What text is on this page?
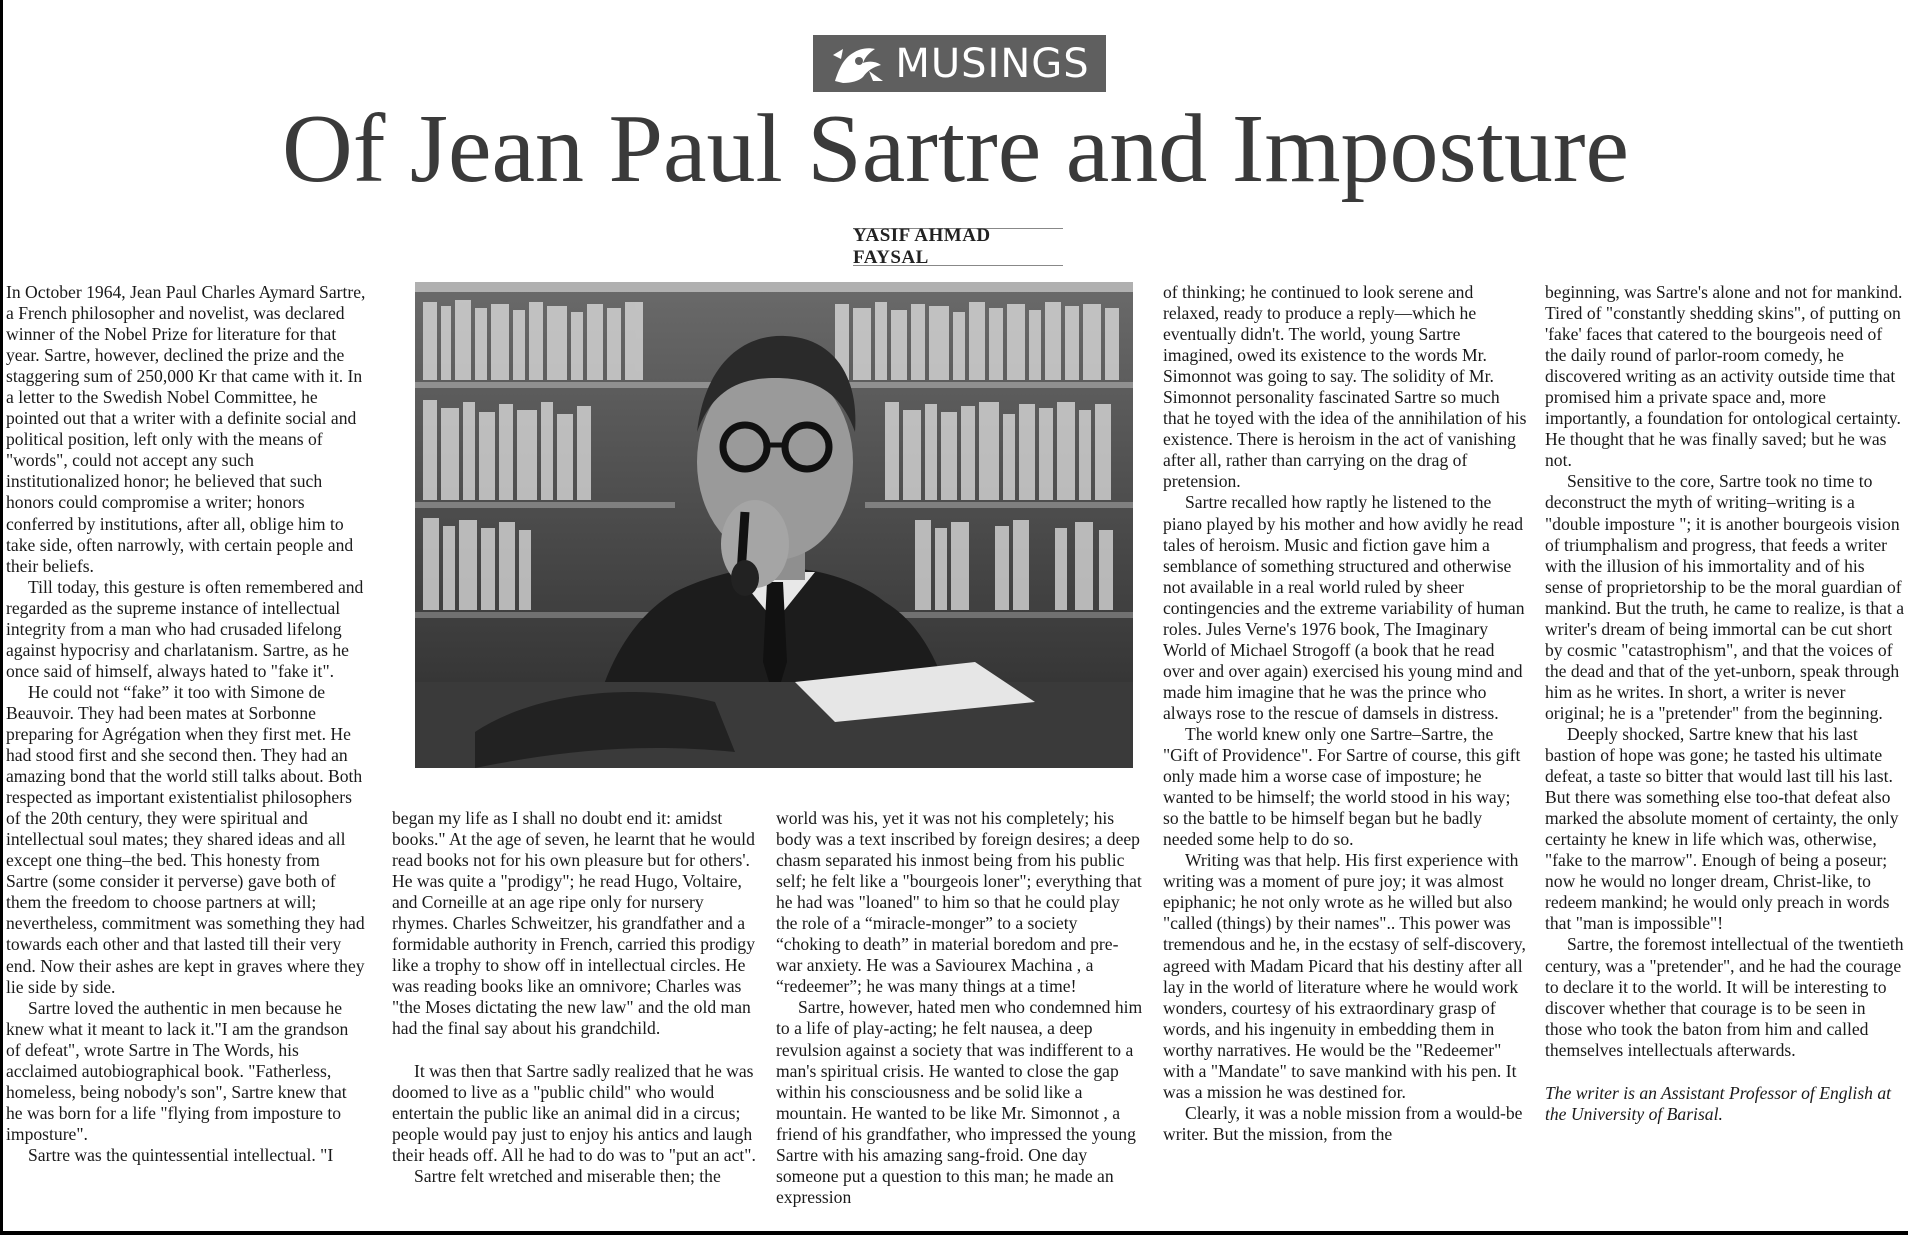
MUSINGS
Of Jean Paul Sartre and Imposture
YASIF AHMAD FAYSAL

In October 1964, Jean Paul Charles Aymard Sartre, a French philosopher and novelist, was declared winner of the Nobel Prize for literature for that year. Sartre, however, declined the prize and the staggering sum of 250,000 Kr that came with it. In a letter to the Swedish Nobel Committee, he pointed out that a writer with a definite social and political position, left only with the means of "words", could not accept any such institutionalized honor; he believed that such honors could compromise a writer; honors conferred by institutions, after all, oblige him to take side, often narrowly, with certain people and their beliefs.

Till today, this gesture is often remembered and regarded as the supreme instance of intellectual integrity from a man who had crusaded lifelong against hypocrisy and charlatanism. Sartre, as he once said of himself, always hated to "fake it".

He could not “fake” it too with Simone de Beauvoir. They had been mates at Sorbonne preparing for Agrégation when they first met. He had stood first and she second then. They had an amazing bond that the world still talks about. Both respected as important existentialist philosophers of the 20th century, they were spiritual and intellectual soul mates; they shared ideas and all except one thing–the bed. This honesty from Sartre (some consider it perverse) gave both of them the freedom to choose partners at will; nevertheless, commitment was something they had towards each other and that lasted till their very end. Now their ashes are kept in graves where they lie side by side.

Sartre loved the authentic in men because he knew what it meant to lack it."I am the grandson of defeat", wrote Sartre in The Words, his acclaimed autobiographical book. "Fatherless, homeless, being nobody's son", Sartre knew that he was born for a life "flying from imposture to imposture".

Sartre was the quintessential intellectual. "I

began my life as I shall no doubt end it: amidst books." At the age of seven, he learnt that he would read books not for his own pleasure but for others'. He was quite a "prodigy"; he read Hugo, Voltaire, and Corneille at an age ripe only for nursery rhymes. Charles Schweitzer, his grandfather and a formidable authority in French, carried this prodigy like a trophy to show off in intellectual circles. He was reading books like an omnivore; Charles was "the Moses dictating the new law" and the old man had the final say about his grandchild.

It was then that Sartre sadly realized that he was doomed to live as a "public child" who would entertain the public like an animal did in a circus; people would pay just to enjoy his antics and laugh their heads off. All he had to do was to "put an act".

Sartre felt wretched and miserable then; the

world was his, yet it was not his completely; his body was a text inscribed by foreign desires; a deep chasm separated his inmost being from his public self; he felt like a "bourgeois loner"; everything that he had was "loaned" to him so that he could play the role of a “miracle-monger” to a society “choking to death” in material boredom and pre-war anxiety. He was a Saviourex Machina , a “redeemer”; he was many things at a time!

Sartre, however, hated men who condemned him to a life of play-acting; he felt nausea, a deep revulsion against a society that was indifferent to a man's spiritual crisis. He wanted to close the gap within his consciousness and be solid like a mountain. He wanted to be like Mr. Simonnot , a friend of his grandfather, who impressed the young Sartre with his amazing sang-froid. One day someone put a question to this man; he made an expression

of thinking; he continued to look serene and relaxed, ready to produce a reply—which he eventually didn't. The world, young Sartre imagined, owed its existence to the words Mr. Simonnot was going to say. The solidity of Mr. Simonnot personality fascinated Sartre so much that he toyed with the idea of the annihilation of his existence. There is heroism in the act of vanishing after all, rather than carrying on the drag of pretension.

Sartre recalled how raptly he listened to the piano played by his mother and how avidly he read tales of heroism. Music and fiction gave him a semblance of something structured and otherwise not available in a real world ruled by sheer contingencies and the extreme variability of human roles. Jules Verne's 1976 book, The Imaginary World of Michael Strogoff (a book that he read over and over again) exercised his young mind and made him imagine that he was the prince who always rose to the rescue of damsels in distress.

The world knew only one Sartre–Sartre, the "Gift of Providence". For Sartre of course, this gift only made him a worse case of imposture; he wanted to be himself; the world stood in his way; so the battle to be himself began but he badly needed some help to do so.

Writing was that help. His first experience with writing was a moment of pure joy; it was almost epiphanic; he not only wrote as he willed but also "called (things) by their names".. This power was tremendous and he, in the ecstasy of self-discovery, agreed with Madam Picard that his destiny after all lay in the world of literature where he would work wonders, courtesy of his extraordinary grasp of words, and his ingenuity in embedding them in worthy narratives. He would be the "Redeemer" with a "Mandate" to save mankind with his pen. It was a mission he was destined for.

Clearly, it was a noble mission from a would-be writer. But the mission, from the

beginning, was Sartre's alone and not for mankind. Tired of "constantly shedding skins", of putting on 'fake' faces that catered to the bourgeois need of the daily round of parlor-room comedy, he discovered writing as an activity outside time that promised him a private space and, more importantly, a foundation for ontological certainty. He thought that he was finally saved; but he was not.

Sensitive to the core, Sartre took no time to deconstruct the myth of writing–writing is a "double imposture "; it is another bourgeois vision of triumphalism and progress, that feeds a writer with the illusion of his immortality and of his sense of proprietorship to be the moral guardian of mankind. But the truth, he came to realize, is that a writer's dream of being immortal can be cut short by cosmic "catastrophism", and that the voices of the dead and that of the yet-unborn, speak through him as he writes. In short, a writer is never original; he is a "pretender" from the beginning.

Deeply shocked, Sartre knew that his last bastion of hope was gone; he tasted his ultimate defeat, a taste so bitter that would last till his last. But there was something else too-that defeat also marked the absolute moment of certainty, the only certainty he knew in life which was, otherwise, "fake to the marrow". Enough of being a poseur; now he would no longer dream, Christ-like, to redeem mankind; he would only preach in words that "man is impossible"!

Sartre, the foremost intellectual of the twentieth century, was a "pretender", and he had the courage to declare it to the world. It will be interesting to discover whether that courage is to be seen in those who took the baton from him and called themselves intellectuals afterwards.

The writer is an Assistant Professor of English at the University of Barisal.
